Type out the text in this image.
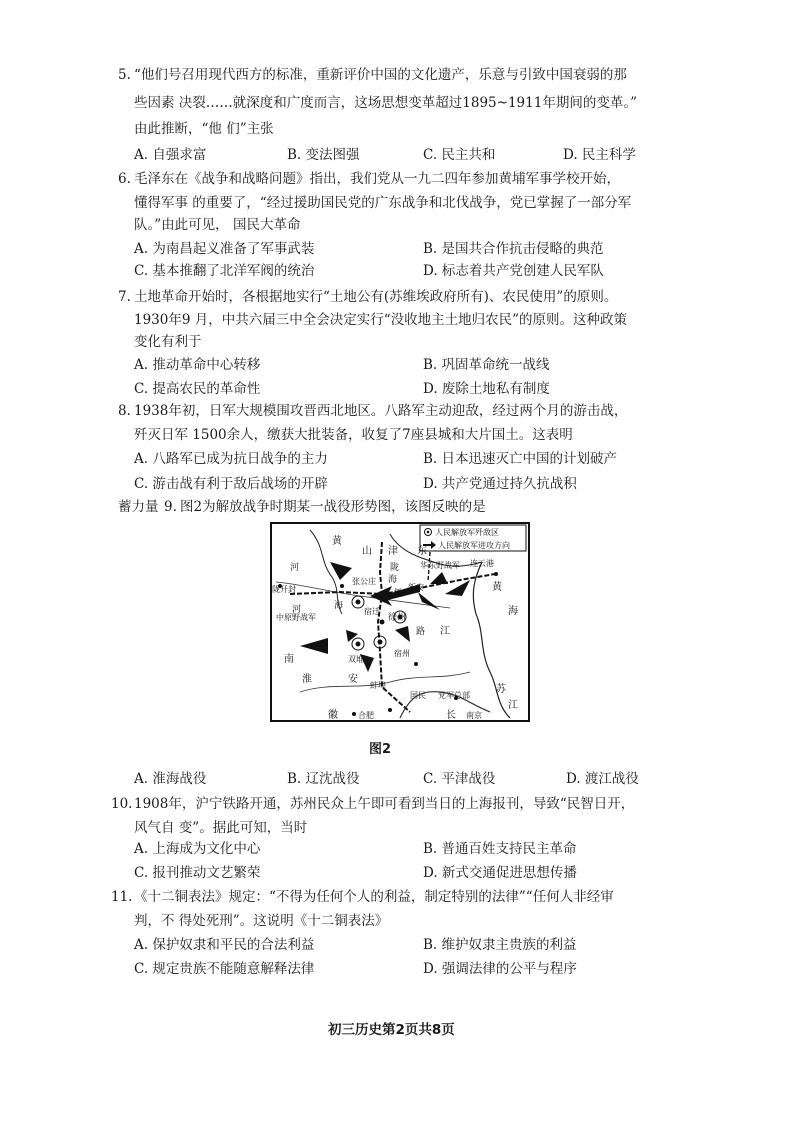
5. “他们号召用现代西方的标准，重新评价中国的文化遗产，乐意与引致中国衰弱的那
些因素 决裂……就深度和广度而言，这场思想变革超过1895~1911年期间的变革。”
由此推断，“他 们”主张
A. 自强求富	B. 变法图强	C. 民主共和	D. 民主科学
6. 毛泽东在《战争和战略问题》指出，我们党从一九二四年参加黄埔军事学校开始，
懂得军事 的重要了，“经过援助国民党的广东战争和北伐战争，党已掌握了一部分军
队。”由此可见， 国民大革命
A. 为南昌起义准备了军事武装	B. 是国共合作抗击侵略的典范
C. 基本推翻了北洋军阀的统治	D. 标志着共产党创建人民军队
7. 土地革命开始时，各根据地实行“土地公有(苏维埃政府所有)、农民使用”的原则。
1930年9 月，中共六届三中全会决定实行“没收地主土地归农民”的原则。这种政策
变化有利于
A. 推动革命中心转移	B. 巩固革命统一战线
C. 提高农民的革命性	D. 废除土地私有制度
8. 1938年初，日军大规模围攻晋西北地区。八路军主动迎敌，经过两个月的游击战，
歼灭日军 1500余人，缴获大批装备，收复了7座县城和大片国土。这表明
A. 八路军已成为抗日战争的主力	B. 日本迅速灭亡中国的计划破产
C. 游击战有利于敌后战场的开辟	D. 共产党通过持久抗战积
蓄力量 9. 图2为解放战争时期某一战役形势图，该图反映的是
人民解放军歼敌区
人民解放军进攻方向
黄
山 津 东
河	华东野战军
陇
海
连云港
陇开封
张公庄
铁
新安	黄
河	海
中原野战军
宿迁
徐州
路 江
海
南	双堆
宿州
淮	安
蚌埠
国民 党军总部
苏
徽	合肥	长 南京
江
图2
A. 淮海战役	B. 辽沈战役	C. 平津战役	D. 渡江战役
10. 1908年，沪宁铁路开通，苏州民众上午即可看到当日的上海报刊，导致“民智日开，
风气自 变”。据此可知，当时
A. 上海成为文化中心	B. 普通百姓支持民主革命
C. 报刊推动文艺繁荣	D. 新式交通促进思想传播
11. 《十二铜表法》规定：“不得为任何个人的利益，制定特别的法律”“任何人非经审
判，不 得处死刑”。这说明《十二铜表法》
A. 保护奴隶和平民的合法利益	B. 维护奴隶主贵族的利益
C. 规定贵族不能随意解释法律	D. 强调法律的公平与程序
初三历史第2页共8页
